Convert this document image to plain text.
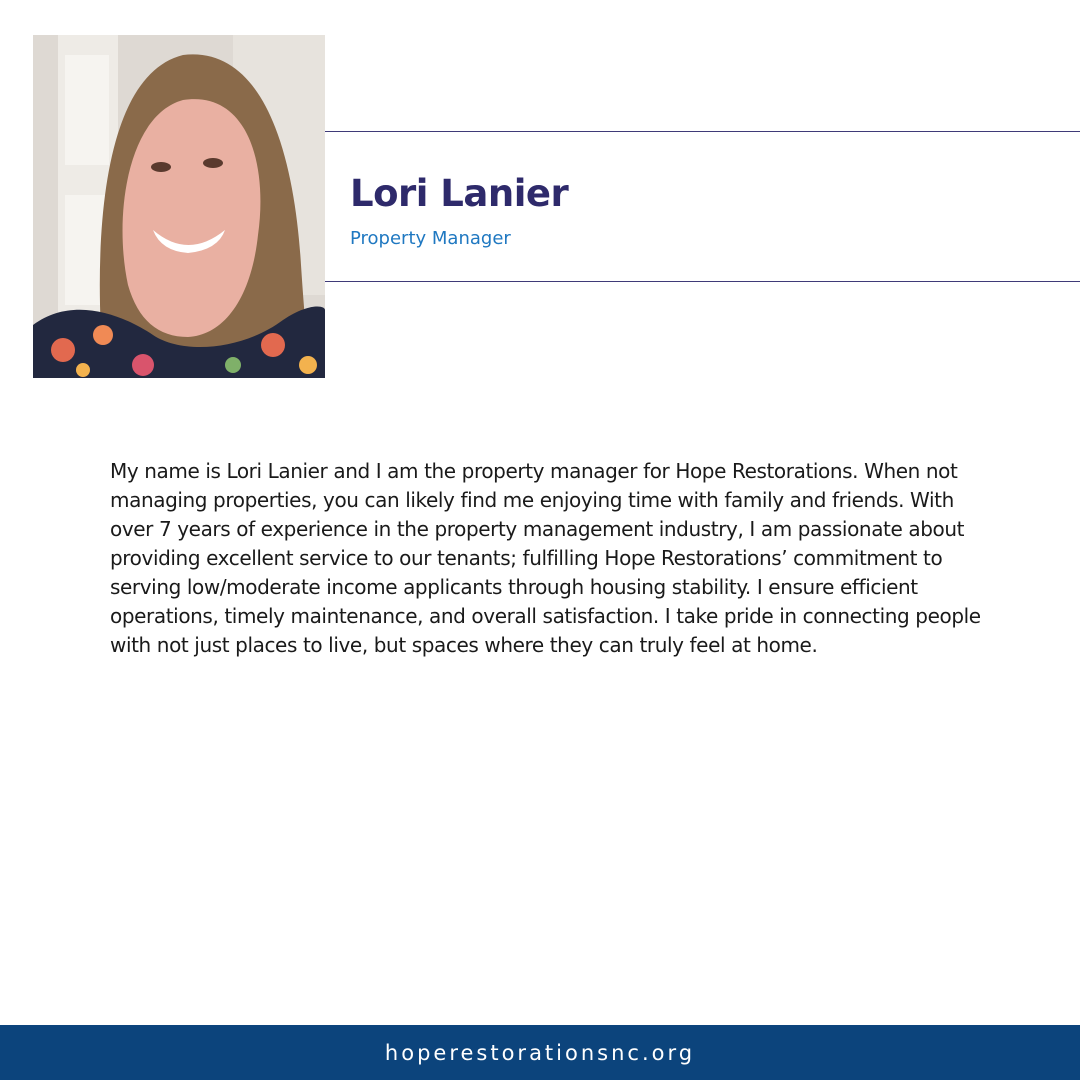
Lori Lanier
Property Manager

My name is Lori Lanier and I am the property manager for Hope Restorations. When not managing properties, you can likely find me enjoying time with family and friends. With over 7 years of experience in the property management industry, I am passionate about providing excellent service to our tenants; fulfilling Hope Restorations’ commitment to serving low/moderate income applicants through housing stability. I ensure efficient operations, timely maintenance, and overall satisfaction. I take pride in connecting people with not just places to live, but spaces where they can truly feel at home.

hoperestorationsnc.org
